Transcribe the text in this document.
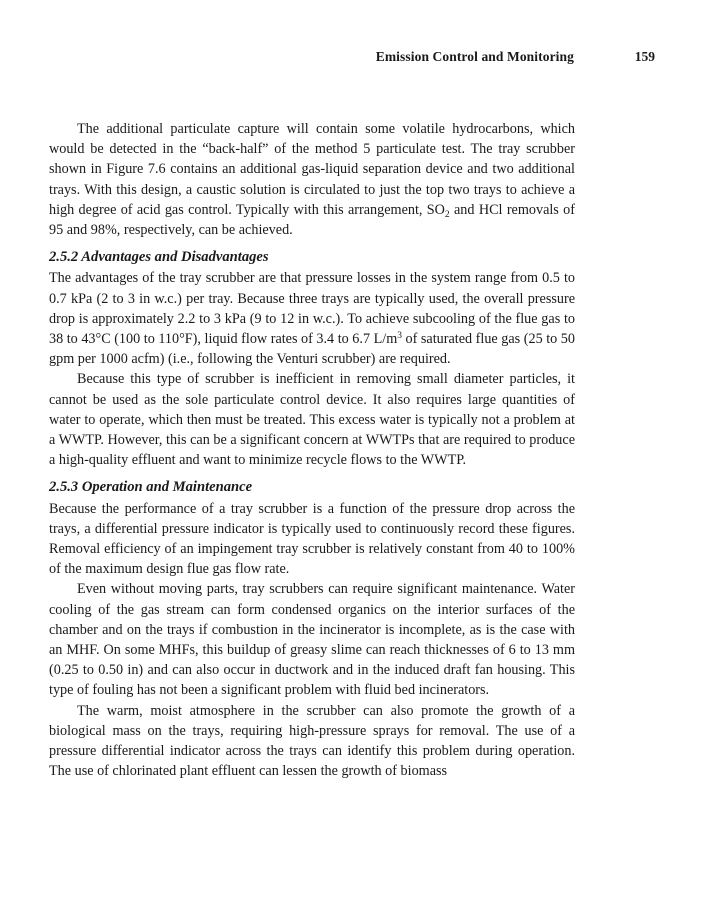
Emission Control and Monitoring	159

The additional particulate capture will contain some volatile hydrocarbons, which would be detected in the “back-half” of the method 5 particulate test. The tray scrubber shown in Figure 7.6 contains an additional gas-liquid separation device and two additional trays. With this design, a caustic solution is circulated to just the top two trays to achieve a high degree of acid gas control. Typically with this arrangement, $SO_2$ and HCl removals of 95 and 98%, respectively, can be achieved.

2.5.2 Advantages and Disadvantages

The advantages of the tray scrubber are that pressure losses in the system range from 0.5 to 0.7 kPa (2 to 3 in w.c.) per tray. Because three trays are typically used, the overall pressure drop is approximately 2.2 to 3 kPa (9 to 12 in w.c.). To achieve subcooling of the flue gas to 38 to 43°C (100 to 110°F), liquid flow rates of 3.4 to 6.7 $L/m^3$ of saturated flue gas (25 to 50 gpm per 1000 acfm) (i.e., following the Venturi scrubber) are required.

Because this type of scrubber is inefficient in removing small diameter particles, it cannot be used as the sole particulate control device. It also requires large quantities of water to operate, which then must be treated. This excess water is typically not a problem at a WWTP. However, this can be a significant concern at WWTPs that are required to produce a high-quality effluent and want to minimize recycle flows to the WWTP.

2.5.3 Operation and Maintenance

Because the performance of a tray scrubber is a function of the pressure drop across the trays, a differential pressure indicator is typically used to continuously record these figures. Removal efficiency of an impingement tray scrubber is relatively constant from 40 to 100% of the maximum design flue gas flow rate.

Even without moving parts, tray scrubbers can require significant maintenance. Water cooling of the gas stream can form condensed organics on the interior surfaces of the chamber and on the trays if combustion in the incinerator is incomplete, as is the case with an MHF. On some MHFs, this buildup of greasy slime can reach thicknesses of 6 to 13 mm (0.25 to 0.50 in) and can also occur in ductwork and in the induced draft fan housing. This type of fouling has not been a significant problem with fluid bed incinerators.

The warm, moist atmosphere in the scrubber can also promote the growth of a biological mass on the trays, requiring high-pressure sprays for removal. The use of a pressure differential indicator across the trays can identify this problem during operation. The use of chlorinated plant effluent can lessen the growth of biomass
